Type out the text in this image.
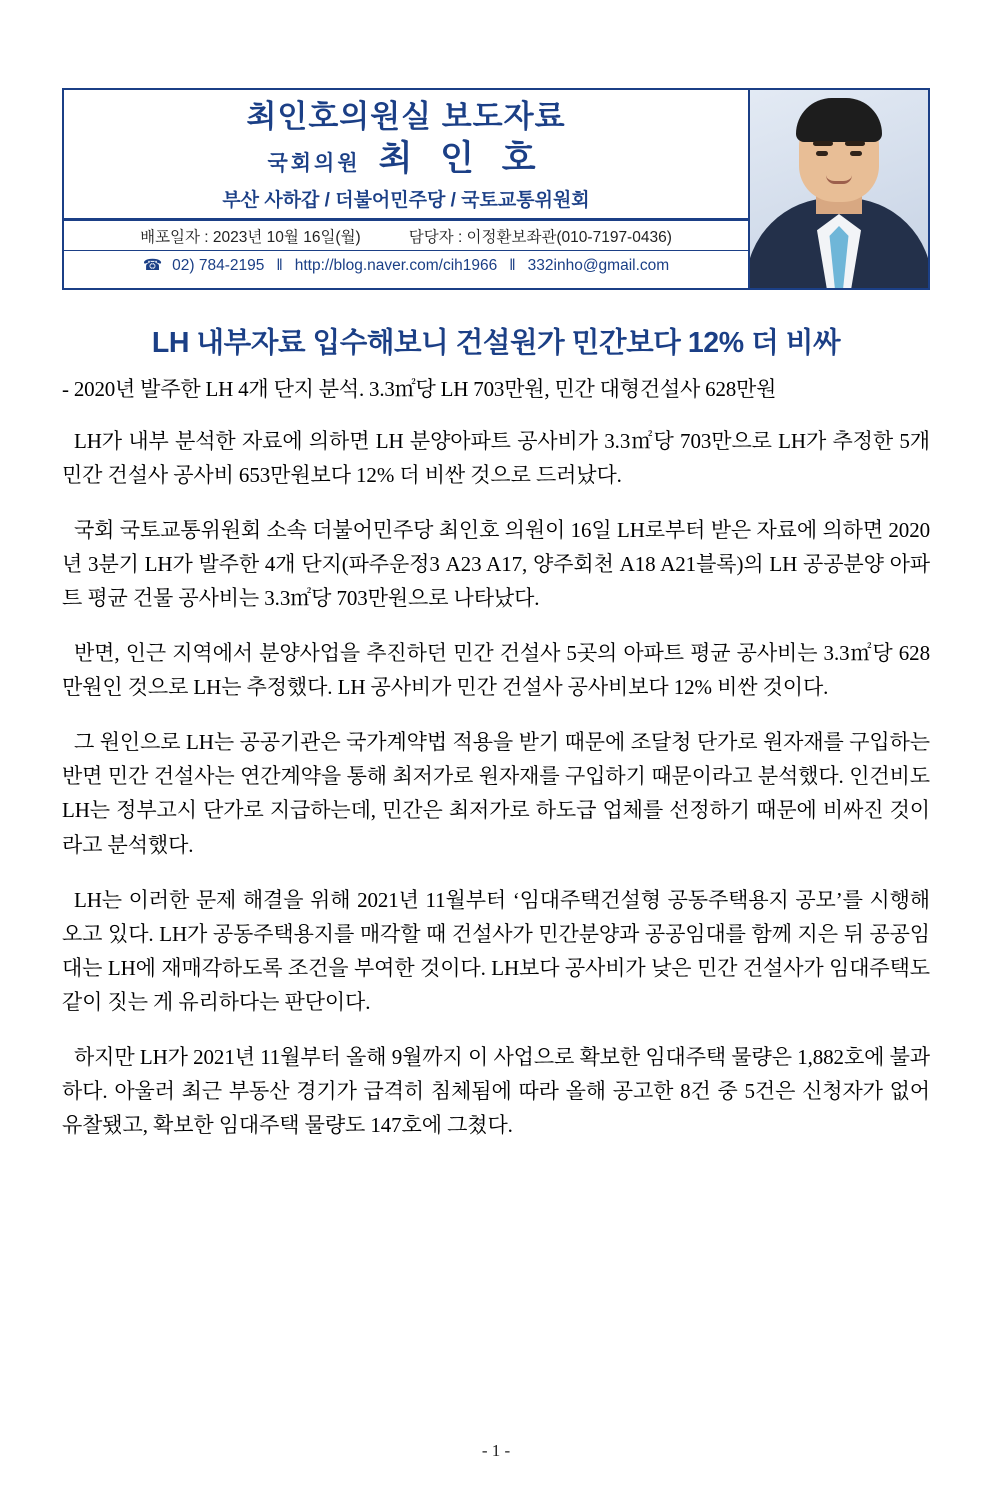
최인호의원실 보도자료
국회의원 최 인 호
부산 사하갑 / 더불어민주당 / 국토교통위원회
배포일자 : 2023년 10월 16일(월)	담당자 : 이정환보좌관(010-7197-0436)
☎ 02) 784-2195 ‖ http://blog.naver.com/cih1966 ‖ 332inho@gmail.com
LH 내부자료 입수해보니 건설원가 민간보다 12% 더 비싸
- 2020년 발주한 LH 4개 단지 분석. 3.3㎡당 LH 703만원, 민간 대형건설사 628만원

LH가 내부 분석한 자료에 의하면 LH 분양아파트 공사비가 3.3㎡당 703만으로 LH가 추정한 5개 민간 건설사 공사비 653만원보다 12% 더 비싼 것으로 드러났다.

국회 국토교통위원회 소속 더불어민주당 최인호 의원이 16일 LH로부터 받은 자료에 의하면 2020년 3분기 LH가 발주한 4개 단지(파주운정3 A23 A17, 양주회천 A18 A21블록)의 LH 공공분양 아파트 평균 건물 공사비는 3.3㎡당 703만원으로 나타났다.

반면, 인근 지역에서 분양사업을 추진하던 민간 건설사 5곳의 아파트 평균 공사비는 3.3㎡당 628만원인 것으로 LH는 추정했다. LH 공사비가 민간 건설사 공사비보다 12% 비싼 것이다.

그 원인으로 LH는 공공기관은 국가계약법 적용을 받기 때문에 조달청 단가로 원자재를 구입하는 반면 민간 건설사는 연간계약을 통해 최저가로 원자재를 구입하기 때문이라고 분석했다. 인건비도 LH는 정부고시 단가로 지급하는데, 민간은 최저가로 하도급 업체를 선정하기 때문에 비싸진 것이라고 분석했다.

LH는 이러한 문제 해결을 위해 2021년 11월부터 ‘임대주택건설형 공동주택용지 공모’를 시행해오고 있다. LH가 공동주택용지를 매각할 때 건설사가 민간분양과 공공임대를 함께 지은 뒤 공공임대는 LH에 재매각하도록 조건을 부여한 것이다. LH보다 공사비가 낮은 민간 건설사가 임대주택도 같이 짓는 게 유리하다는 판단이다.

하지만 LH가 2021년 11월부터 올해 9월까지 이 사업으로 확보한 임대주택 물량은 1,882호에 불과하다. 아울러 최근 부동산 경기가 급격히 침체됨에 따라 올해 공고한 8건 중 5건은 신청자가 없어 유찰됐고, 확보한 임대주택 물량도 147호에 그쳤다.

- 1 -
